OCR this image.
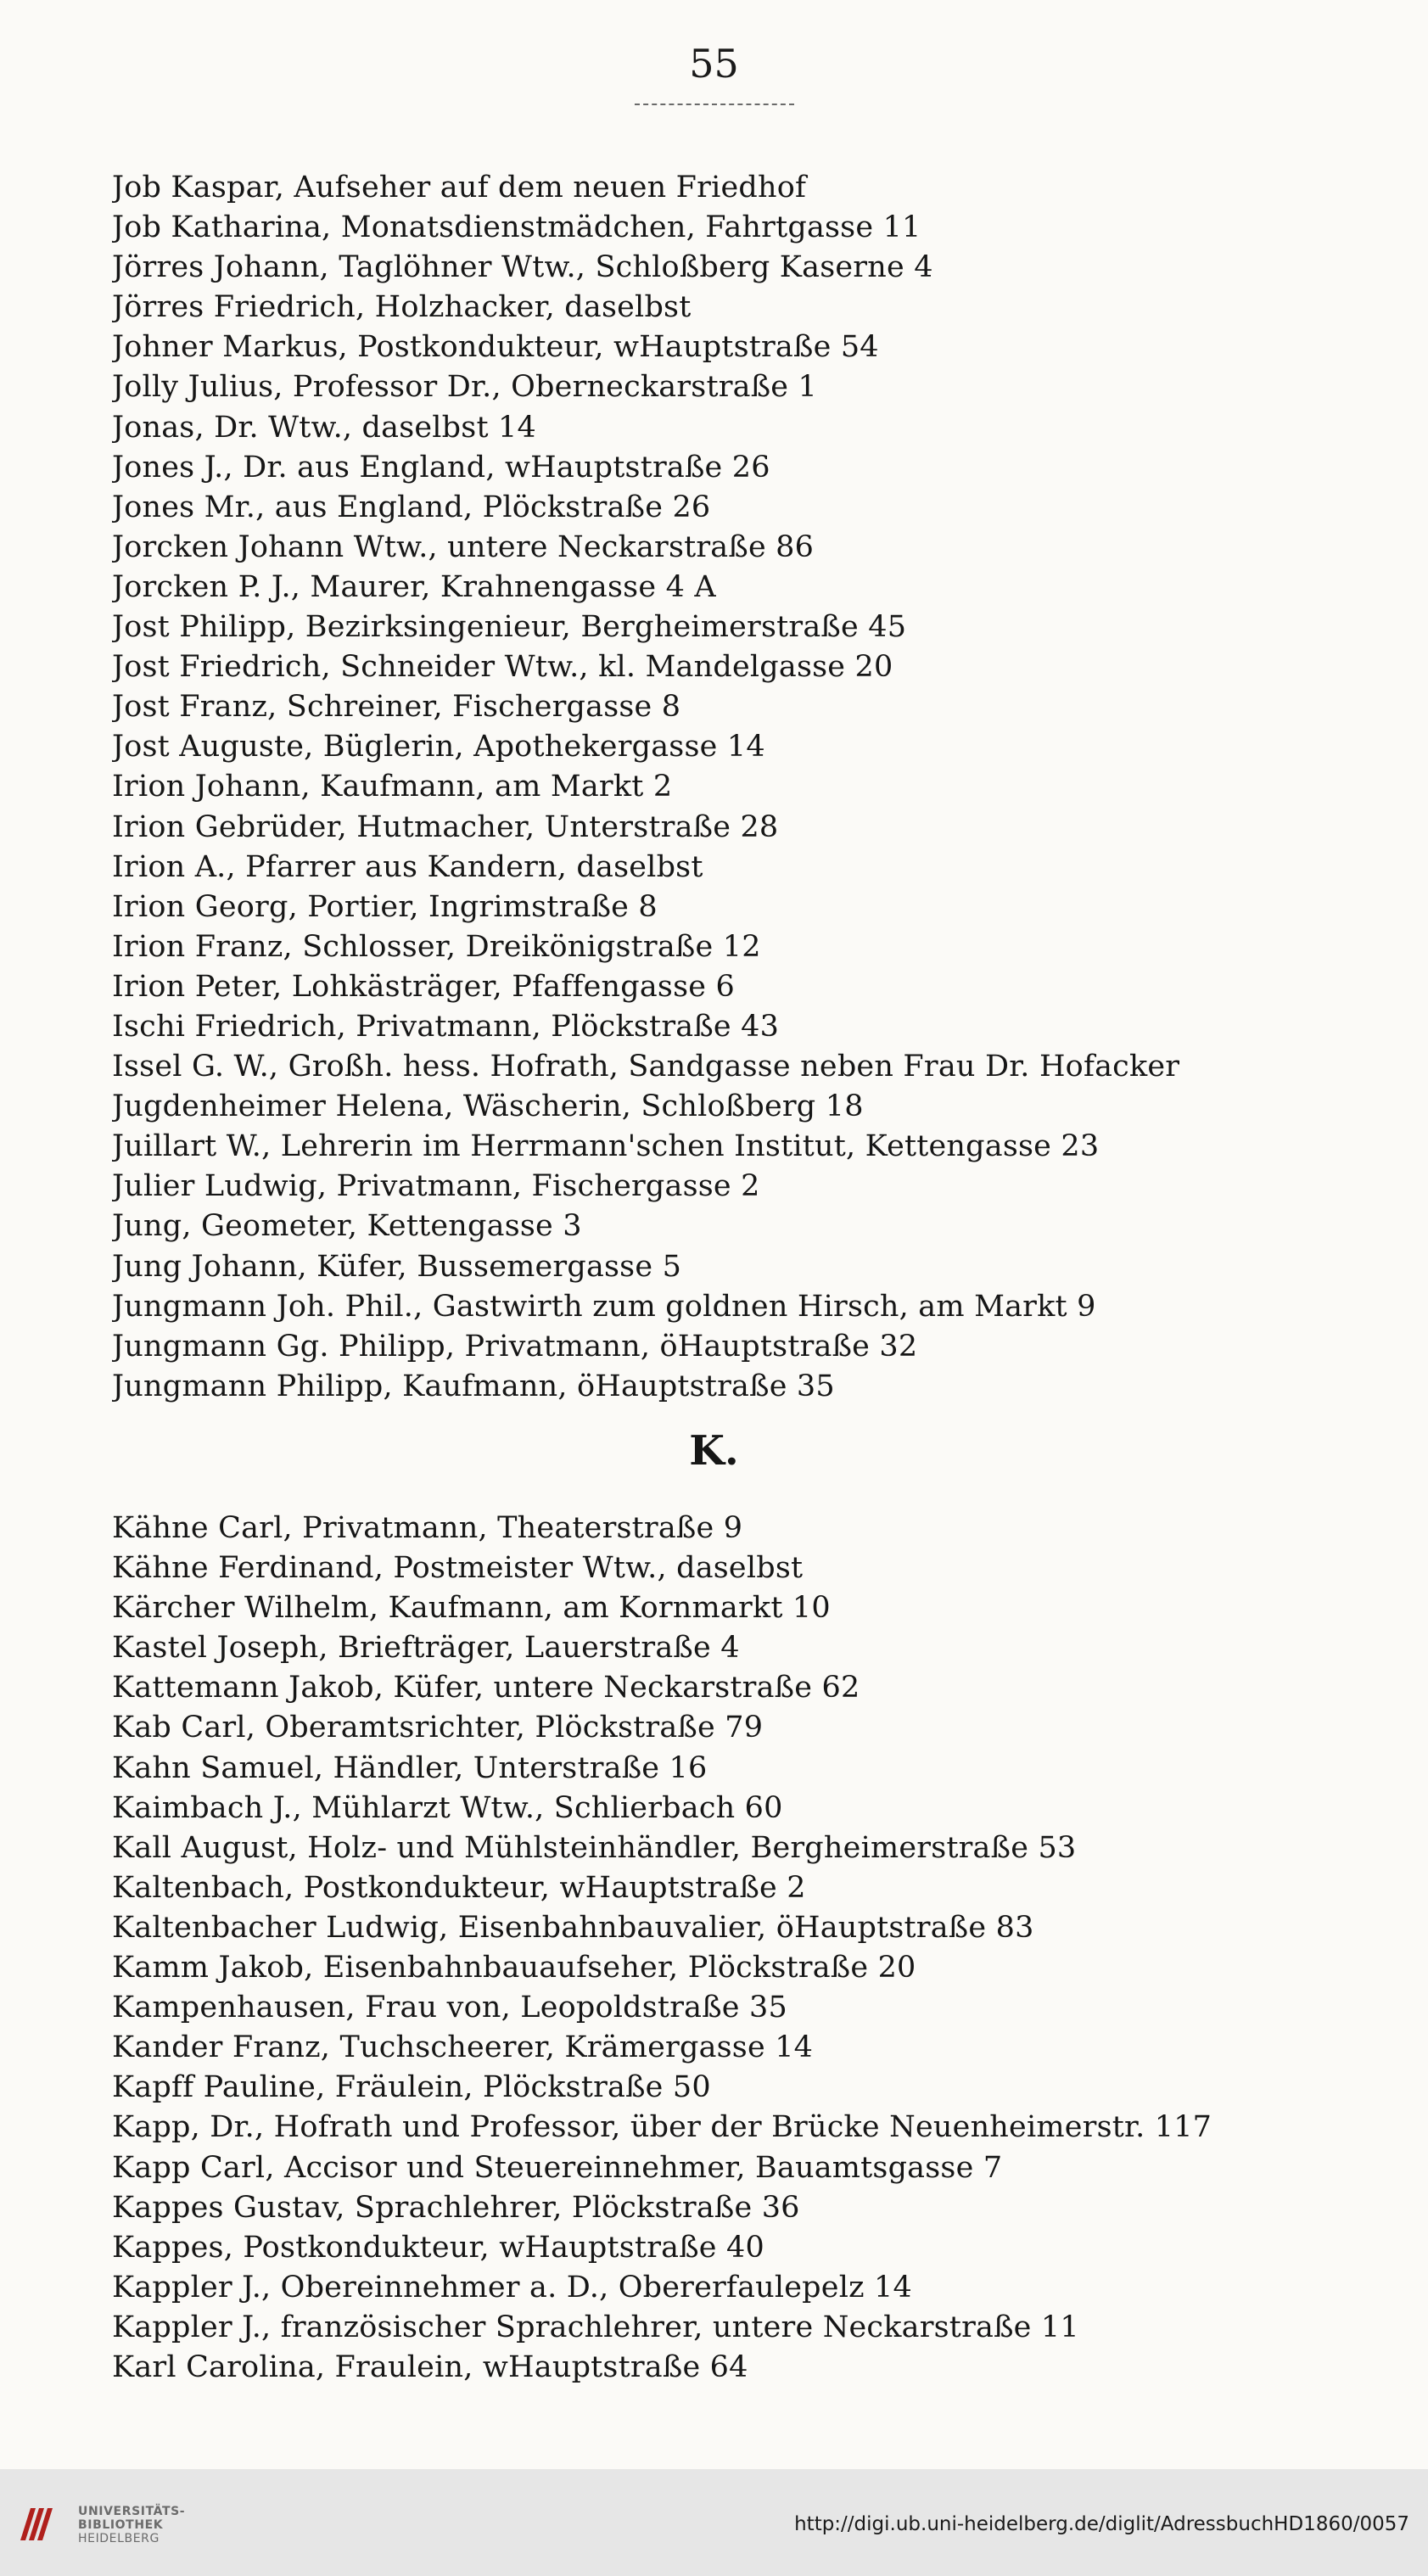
55
Job Kaspar, Aufseher auf dem neuen Friedhof
Job Katharina, Monatsdienstmädchen, Fahrtgasse 11
Jörres Johann, Taglöhner Wtw., Schloßberg Kaserne 4
Jörres Friedrich, Holzhacker, daselbst
Johner Markus, Postkondukteur, wHauptstraße 54
Jolly Julius, Professor Dr., Oberneckarstraße 1
Jonas, Dr. Wtw., daselbst 14
Jones J., Dr. aus England, wHauptstraße 26
Jones Mr., aus England, Plöckstraße 26
Jorcken Johann Wtw., untere Neckarstraße 86
Jorcken P. J., Maurer, Krahnengasse 4 A
Jost Philipp, Bezirksingenieur, Bergheimerstraße 45
Jost Friedrich, Schneider Wtw., kl. Mandelgasse 20
Jost Franz, Schreiner, Fischergasse 8
Jost Auguste, Büglerin, Apothekergasse 14
Irion Johann, Kaufmann, am Markt 2
Irion Gebrüder, Hutmacher, Unterstraße 28
Irion A., Pfarrer aus Kandern, daselbst
Irion Georg, Portier, Ingrimstraße 8
Irion Franz, Schlosser, Dreikönigstraße 12
Irion Peter, Lohkästräger, Pfaffengasse 6
Ischi Friedrich, Privatmann, Plöckstraße 43
Issel G. W., Großh. hess. Hofrath, Sandgasse neben Frau Dr. Hofacker
Jugdenheimer Helena, Wäscherin, Schloßberg 18
Juillart W., Lehrerin im Herrmann'schen Institut, Kettengasse 23
Julier Ludwig, Privatmann, Fischergasse 2
Jung, Geometer, Kettengasse 3
Jung Johann, Küfer, Bussemergasse 5
Jungmann Joh. Phil., Gastwirth zum goldnen Hirsch, am Markt 9
Jungmann Gg. Philipp, Privatmann, öHauptstraße 32
Jungmann Philipp, Kaufmann, öHauptstraße 35
K.
Kähne Carl, Privatmann, Theaterstraße 9
Kähne Ferdinand, Postmeister Wtw., daselbst
Kärcher Wilhelm, Kaufmann, am Kornmarkt 10
Kastel Joseph, Briefträger, Lauerstraße 4
Kattemann Jakob, Küfer, untere Neckarstraße 62
Kab Carl, Oberamtsrichter, Plöckstraße 79
Kahn Samuel, Händler, Unterstraße 16
Kaimbach J., Mühlarzt Wtw., Schlierbach 60
Kall August, Holz- und Mühlsteinhändler, Bergheimerstraße 53
Kaltenbach, Postkondukteur, wHauptstraße 2
Kaltenbacher Ludwig, Eisenbahnbauvalier, öHauptstraße 83
Kamm Jakob, Eisenbahnbauaufseher, Plöckstraße 20
Kampenhausen, Frau von, Leopoldstraße 35
Kander Franz, Tuchscheerer, Krämergasse 14
Kapff Pauline, Fräulein, Plöckstraße 50
Kapp, Dr., Hofrath und Professor, über der Brücke Neuenheimerstr. 117
Kapp Carl, Accisor und Steuereinnehmer, Bauamtsgasse 7
Kappes Gustav, Sprachlehrer, Plöckstraße 36
Kappes, Postkondukteur, wHauptstraße 40
Kappler J., Obereinnehmer a. D., Obererfaulepelz 14
Kappler J., französischer Sprachlehrer, untere Neckarstraße 11
Karl Carolina, Fraulein, wHauptstraße 64
UNIVERSITÄTS-
BIBLIOTHEK
HEIDELBERG
http://digi.ub.uni-heidelberg.de/diglit/AdressbuchHD1860/0057
